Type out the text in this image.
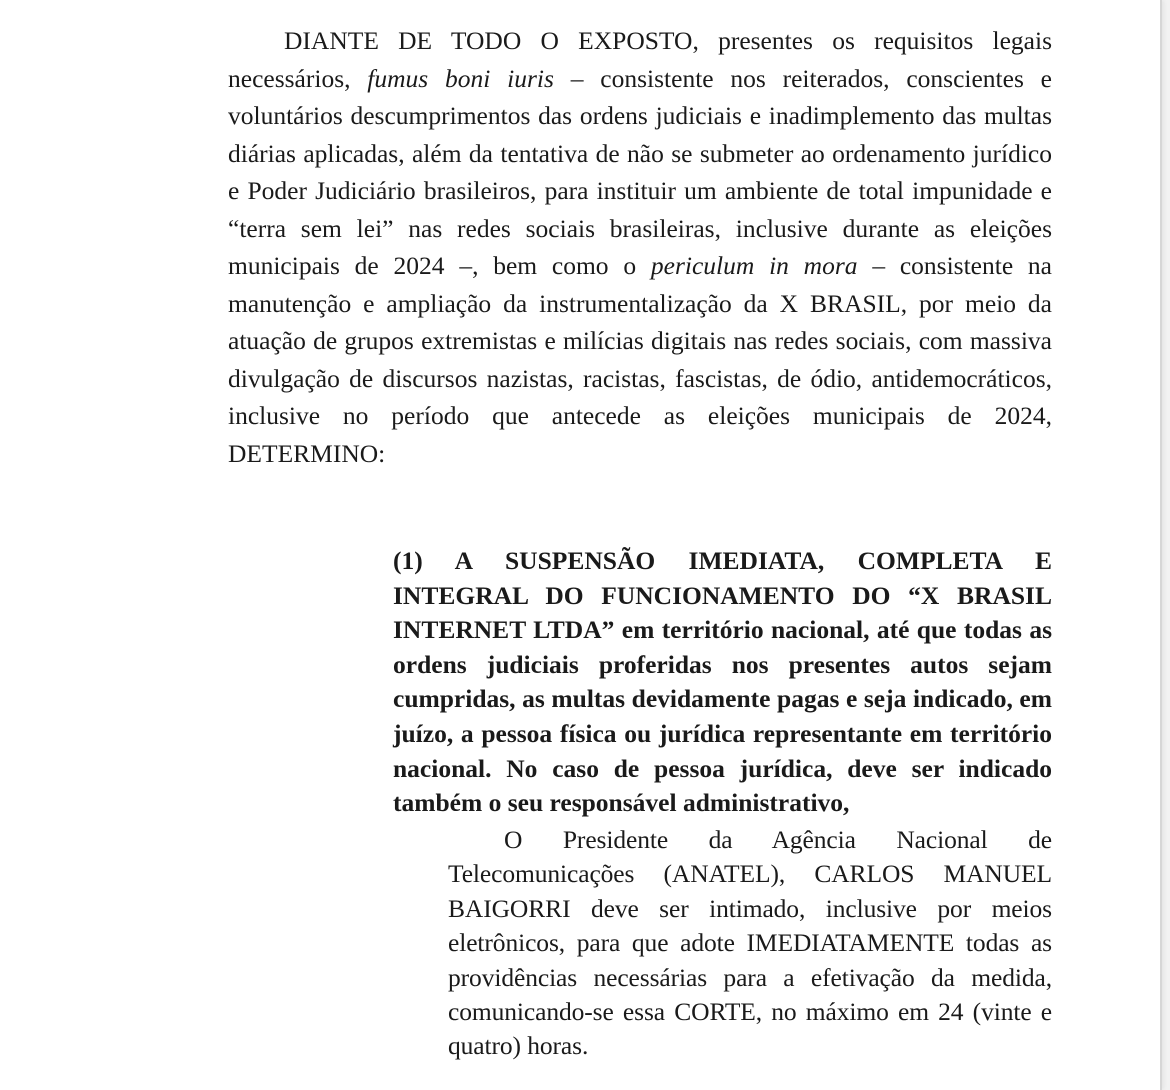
DIANTE DE TODO O EXPOSTO, presentes os requisitos legais necessários, fumus boni iuris – consistente nos reiterados, conscientes e voluntários descumprimentos das ordens judiciais e inadimplemento das multas diárias aplicadas, além da tentativa de não se submeter ao ordenamento jurídico e Poder Judiciário brasileiros, para instituir um ambiente de total impunidade e “terra sem lei” nas redes sociais brasileiras, inclusive durante as eleições municipais de 2024 –, bem como o periculum in mora – consistente na manutenção e ampliação da instrumentalização da X BRASIL, por meio da atuação de grupos extremistas e milícias digitais nas redes sociais, com massiva divulgação de discursos nazistas, racistas, fascistas, de ódio, antidemocráticos, inclusive no período que antecede as eleições municipais de 2024, DETERMINO:

(1) A SUSPENSÃO IMEDIATA, COMPLETA E INTEGRAL DO FUNCIONAMENTO DO “X BRASIL INTERNET LTDA” em território nacional, até que todas as ordens judiciais proferidas nos presentes autos sejam cumpridas, as multas devidamente pagas e seja indicado, em juízo, a pessoa física ou jurídica representante em território nacional. No caso de pessoa jurídica, deve ser indicado também o seu responsável administrativo,

O Presidente da Agência Nacional de Telecomunicações (ANATEL), CARLOS MANUEL BAIGORRI deve ser intimado, inclusive por meios eletrônicos, para que adote IMEDIATAMENTE todas as providências necessárias para a efetivação da medida, comunicando-se essa CORTE, no máximo em 24 (vinte e quatro) horas.
